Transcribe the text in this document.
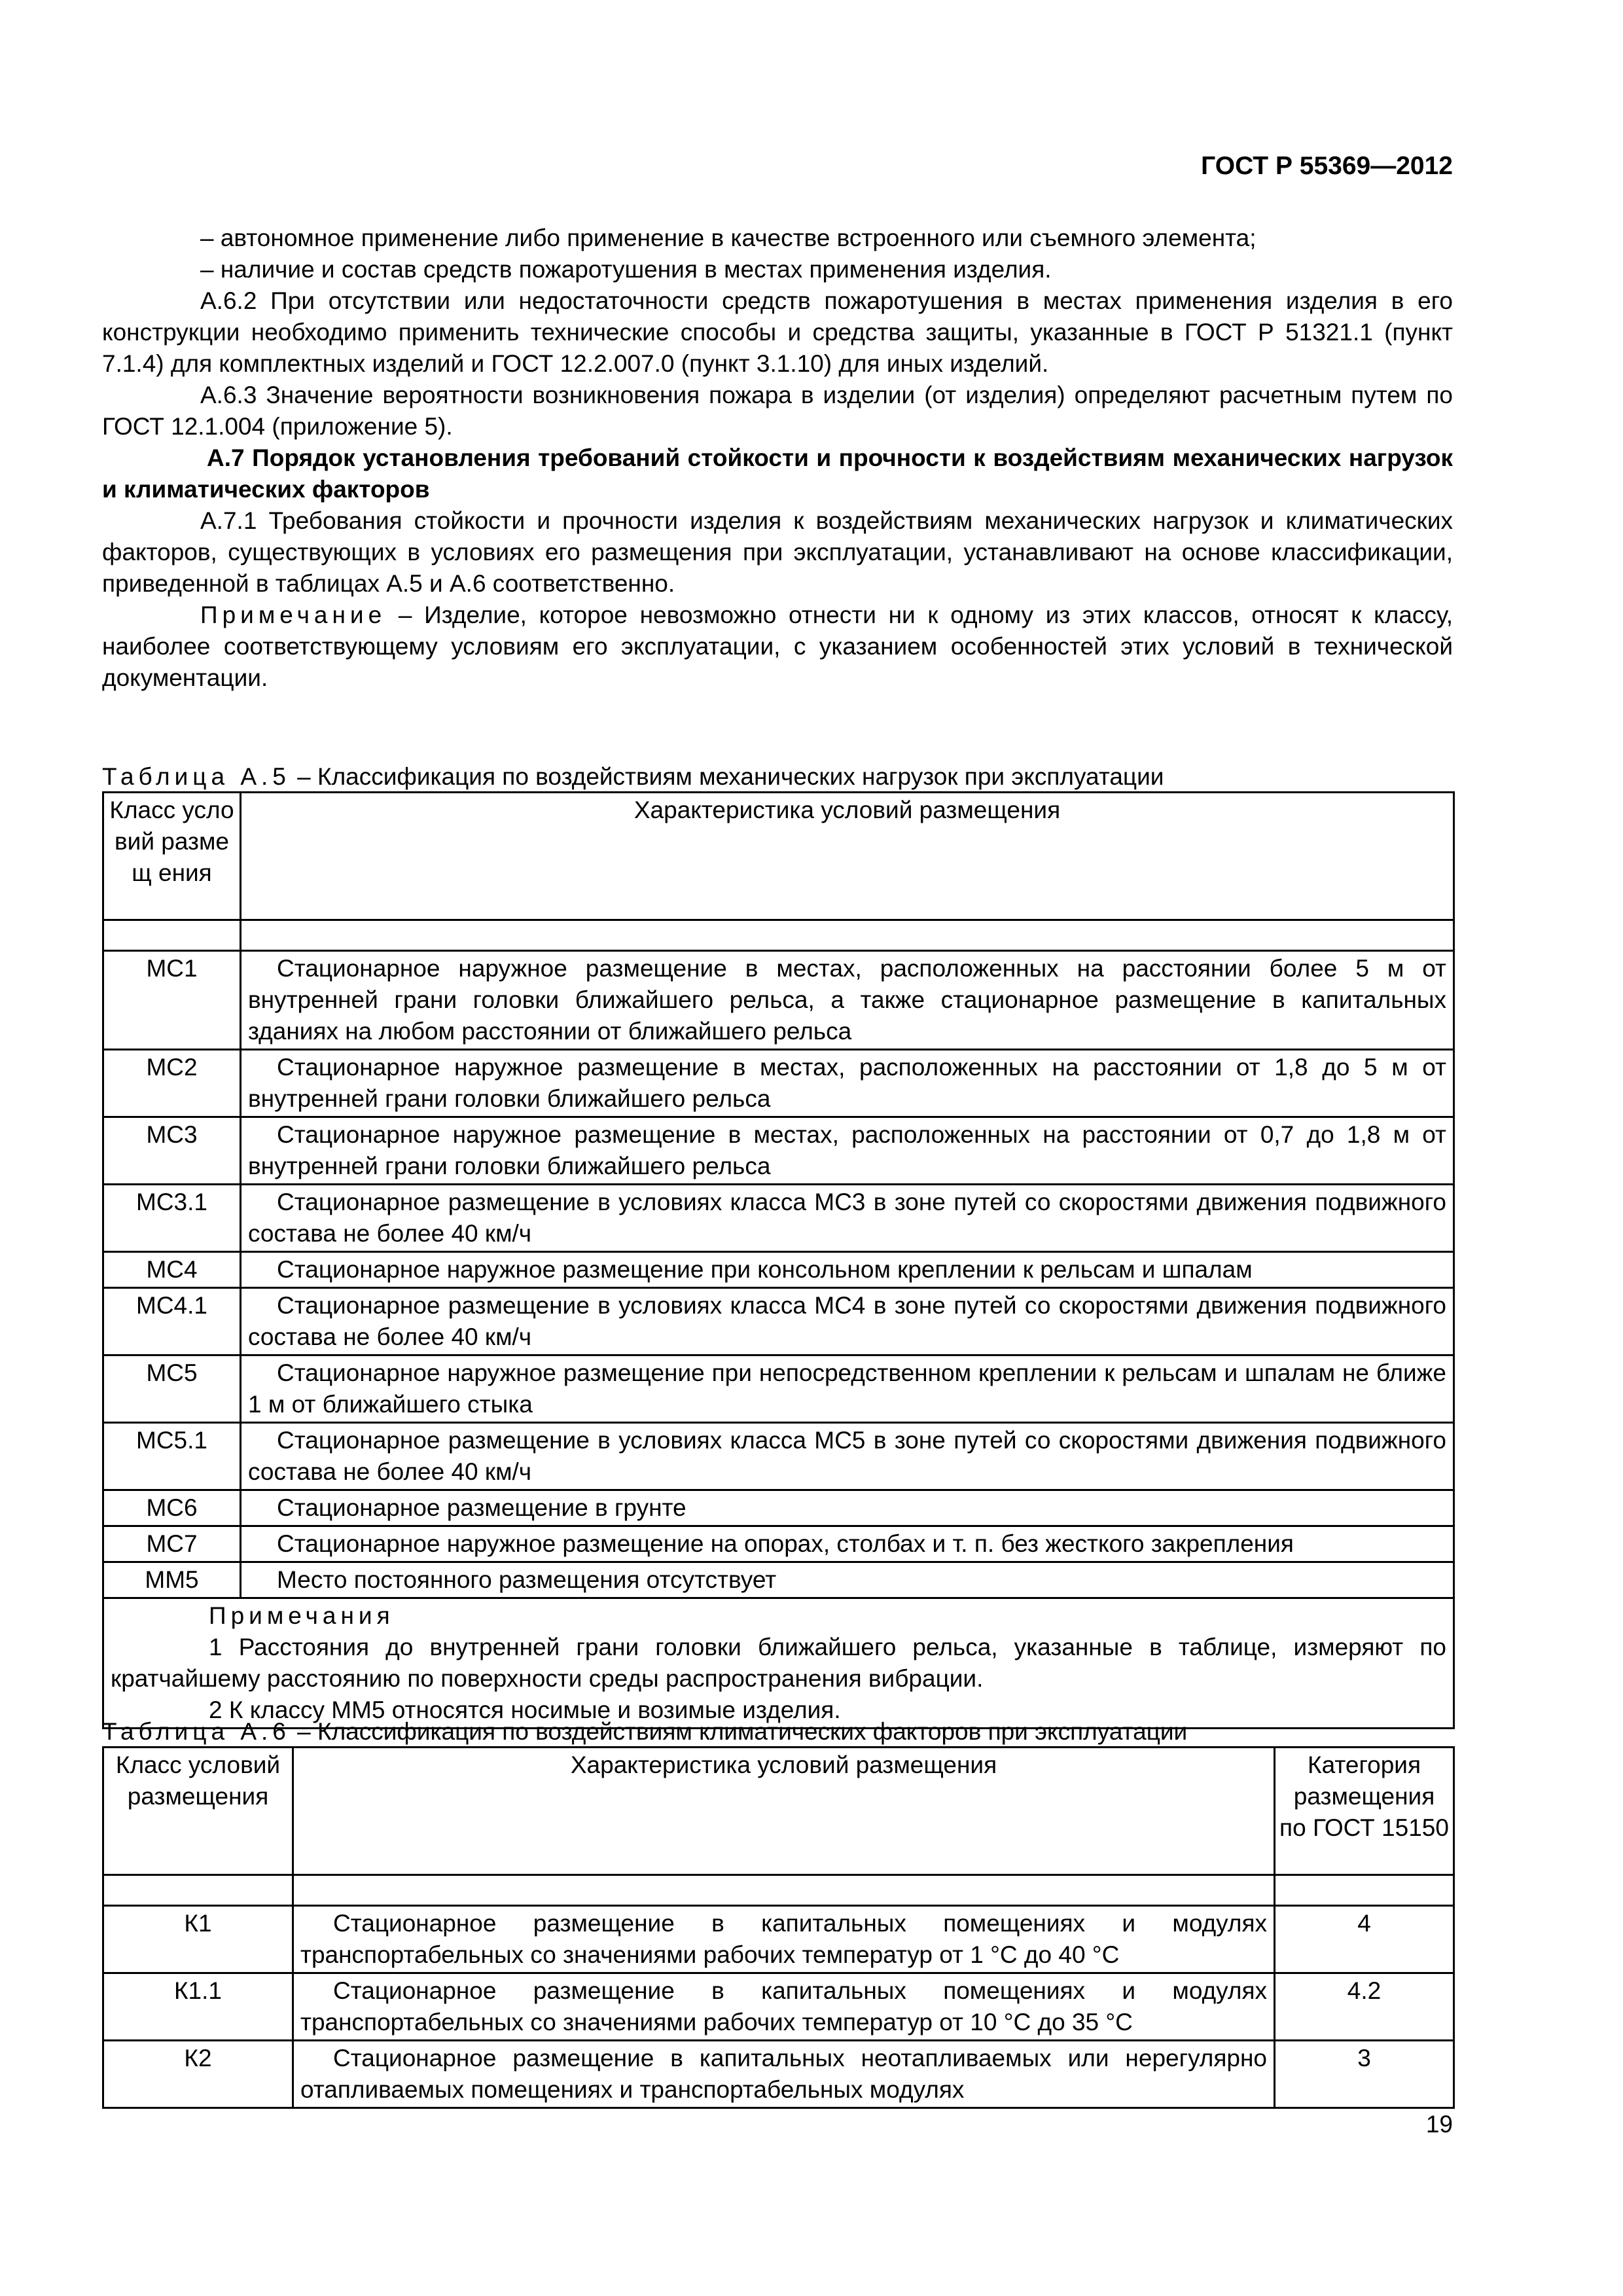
ГОСТ Р 55369—2012

– автономное применение либо применение в качестве встроенного или съемного элемента;

– наличие и состав средств пожаротушения в местах применения изделия.

А.6.2 При отсутствии или недостаточности средств пожаротушения в местах применения изделия в его конструкции необходимо применить технические способы и средства защиты, указанные в ГОСТ Р 51321.1 (пункт 7.1.4) для комплектных изделий и ГОСТ 12.2.007.0 (пункт 3.1.10) для иных изделий.

А.6.3 Значение вероятности возникновения пожара в изделии (от изделия) определяют расчетным путем по ГОСТ 12.1.004 (приложение 5).

А.7 Порядок установления требований стойкости и прочности к воздействиям механических нагрузок и климатических факторов

А.7.1 Требования стойкости и прочности изделия к воздействиям механических нагрузок и климатических факторов, существующих в условиях его размещения при эксплуатации, устанавливают на основе классификации, приведенной в таблицах А.5 и А.6 соответственно.

Примечание – Изделие, которое невозможно отнести ни к одному из этих классов, относят к классу, наиболее соответствующему условиям его эксплуатации, с указанием особенностей этих условий в технической документации.

Таблица А.5 – Классификация по воздействиям механических нагрузок при эксплуатации

Класс условий размещ ения	Характеристика условий размещения

МС1	Стационарное наружное размещение в местах, расположенных на расстоянии более 5 м от внутренней грани головки ближайшего рельса, а также стационарное размещение в капитальных зданиях на любом расстоянии от ближайшего рельса
МС2	Стационарное наружное размещение в местах, расположенных на расстоянии от 1,8 до 5 м от внутренней грани головки ближайшего рельса
МС3	Стационарное наружное размещение в местах, расположенных на расстоянии от 0,7 до 1,8 м от внутренней грани головки ближайшего рельса
МС3.1	Стационарное размещение в условиях класса МС3 в зоне путей со скоростями движения подвижного состава не более 40 км/ч
МС4	Стационарное наружное размещение при консольном креплении к рельсам и шпалам
МС4.1	Стационарное размещение в условиях класса МС4 в зоне путей со скоростями движения подвижного состава не более 40 км/ч
МС5	Стационарное наружное размещение при непосредственном креплении к рельсам и шпалам не ближе 1 м от ближайшего стыка
МС5.1	Стационарное размещение в условиях класса МС5 в зоне путей со скоростями движения подвижного состава не более 40 км/ч
МС6	Стационарное размещение в грунте
МС7	Стационарное наружное размещение на опорах, столбах и т. п. без жесткого закрепления
ММ5	Место постоянного размещения отсутствует

Примечания

1 Расстояния до внутренней грани головки ближайшего рельса, указанные в таблице, измеряют по кратчайшему расстоянию по поверхности среды распространения вибрации.

2 К классу ММ5 относятся носимые и возимые изделия.	

Таблица А.6 – Классификация по воздействиям климатических факторов при эксплуатации

Класс условий размещения	Характеристика условий размещения	Категория размещения по ГОСТ 15150

К1	Стационарное размещение в капитальных помещениях и модулях транспортабельных со значениями рабочих температур от 1 °С до 40 °С	4
К1.1	Стационарное размещение в капитальных помещениях и модулях транспортабельных со значениями рабочих температур от 10 °С до 35 °С	4.2
К2	Стационарное размещение в капитальных неотапливаемых или нерегулярно отапливаемых помещениях и транспортабельных модулях	3
19
